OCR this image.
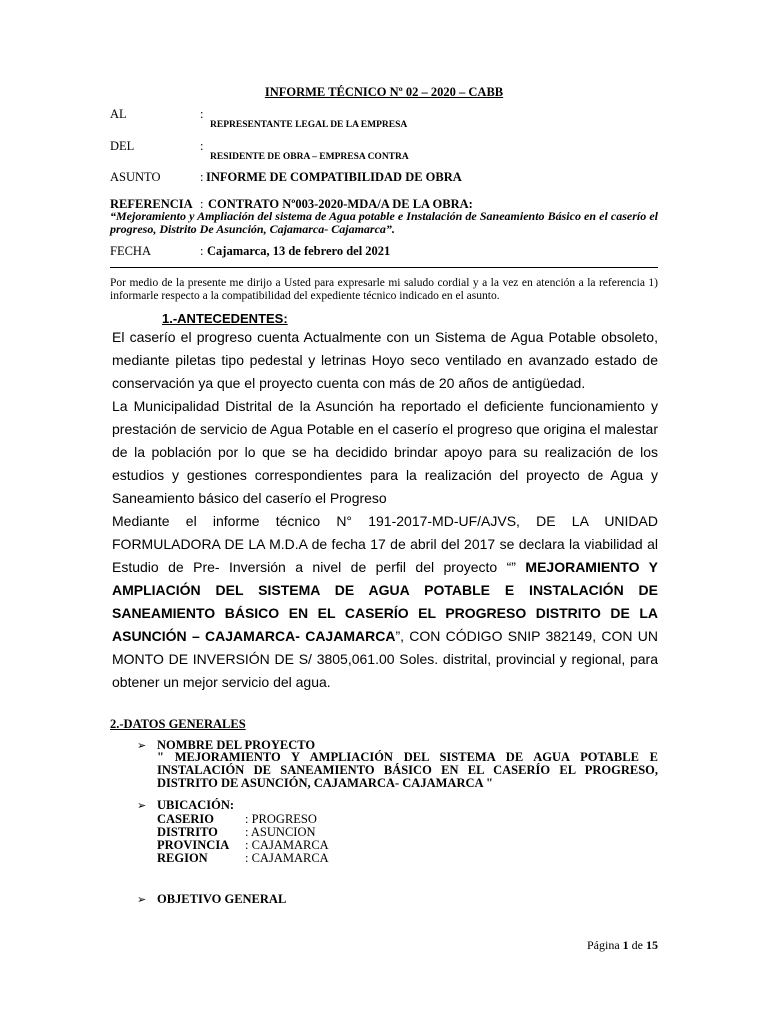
INFORME TÉCNICO Nº 02 – 2020 – CABB
AL	:
REPRESENTANTE LEGAL DE LA EMPRESA
DEL	:
RESIDENTE DE OBRA – EMPRESA CONTRA
ASUNTO	: INFORME DE COMPATIBILIDAD DE OBRA
REFERENCIA : CONTRATO Nº003-2020-MDA/A DE LA OBRA:
“Mejoramiento y Ampliación del sistema de Agua potable e Instalación de Saneamiento Básico en el caserío el progreso, Distrito De Asunción, Cajamarca- Cajamarca”.
FECHA	: Cajamarca, 13 de febrero del 2021
Por medio de la presente me dirijo a Usted para expresarle mi saludo cordial y a la vez en atención a la referencia 1) informarle respecto a la compatibilidad del expediente técnico indicado en el asunto.
1.-ANTECEDENTES:

El caserío el progreso cuenta Actualmente con un Sistema de Agua Potable obsoleto, mediante piletas tipo pedestal y letrinas Hoyo seco ventilado en avanzado estado de conservación ya que el proyecto cuenta con más de 20 años de antigüedad.

La Municipalidad Distrital de la Asunción ha reportado el deficiente funcionamiento y prestación de servicio de Agua Potable en el caserío el progreso que origina el malestar de la población por lo que se ha decidido brindar apoyo para su realización de los estudios y gestiones correspondientes para la realización del proyecto de Agua y Saneamiento básico del caserío el Progreso

Mediante el informe técnico N° 191-2017-MD-UF/AJVS, DE LA UNIDAD FORMULADORA DE LA M.D.A de fecha 17 de abril del 2017 se declara la viabilidad al Estudio de Pre- Inversión a nivel de perfil del proyecto “” MEJORAMIENTO Y AMPLIACIÓN DEL SISTEMA DE AGUA POTABLE E INSTALACIÓN DE SANEAMIENTO BÁSICO EN EL CASERÍO EL PROGRESO DISTRITO DE LA ASUNCIÓN – CAJAMARCA- CAJAMARCA”, CON CÓDIGO SNIP 382149, CON UN MONTO DE INVERSIÓN DE S/ 3805,061.00 Soles. distrital, provincial y regional, para obtener un mejor servicio del agua.

2.-DATOS GENERALES
➢ NOMBRE DEL PROYECTO
" MEJORAMIENTO Y AMPLIACIÓN DEL SISTEMA DE AGUA POTABLE E INSTALACIÓN DE SANEAMIENTO BÁSICO EN EL CASERÍO EL PROGRESO, DISTRITO DE ASUNCIÓN, CAJAMARCA- CAJAMARCA "
➢ UBICACIÓN:
CASERIO : PROGRESO
DISTRITO : ASUNCION
PROVINCIA : CAJAMARCA
REGION	: CAJAMARCA
➢ OBJETIVO GENERAL
Página 1 de 15
